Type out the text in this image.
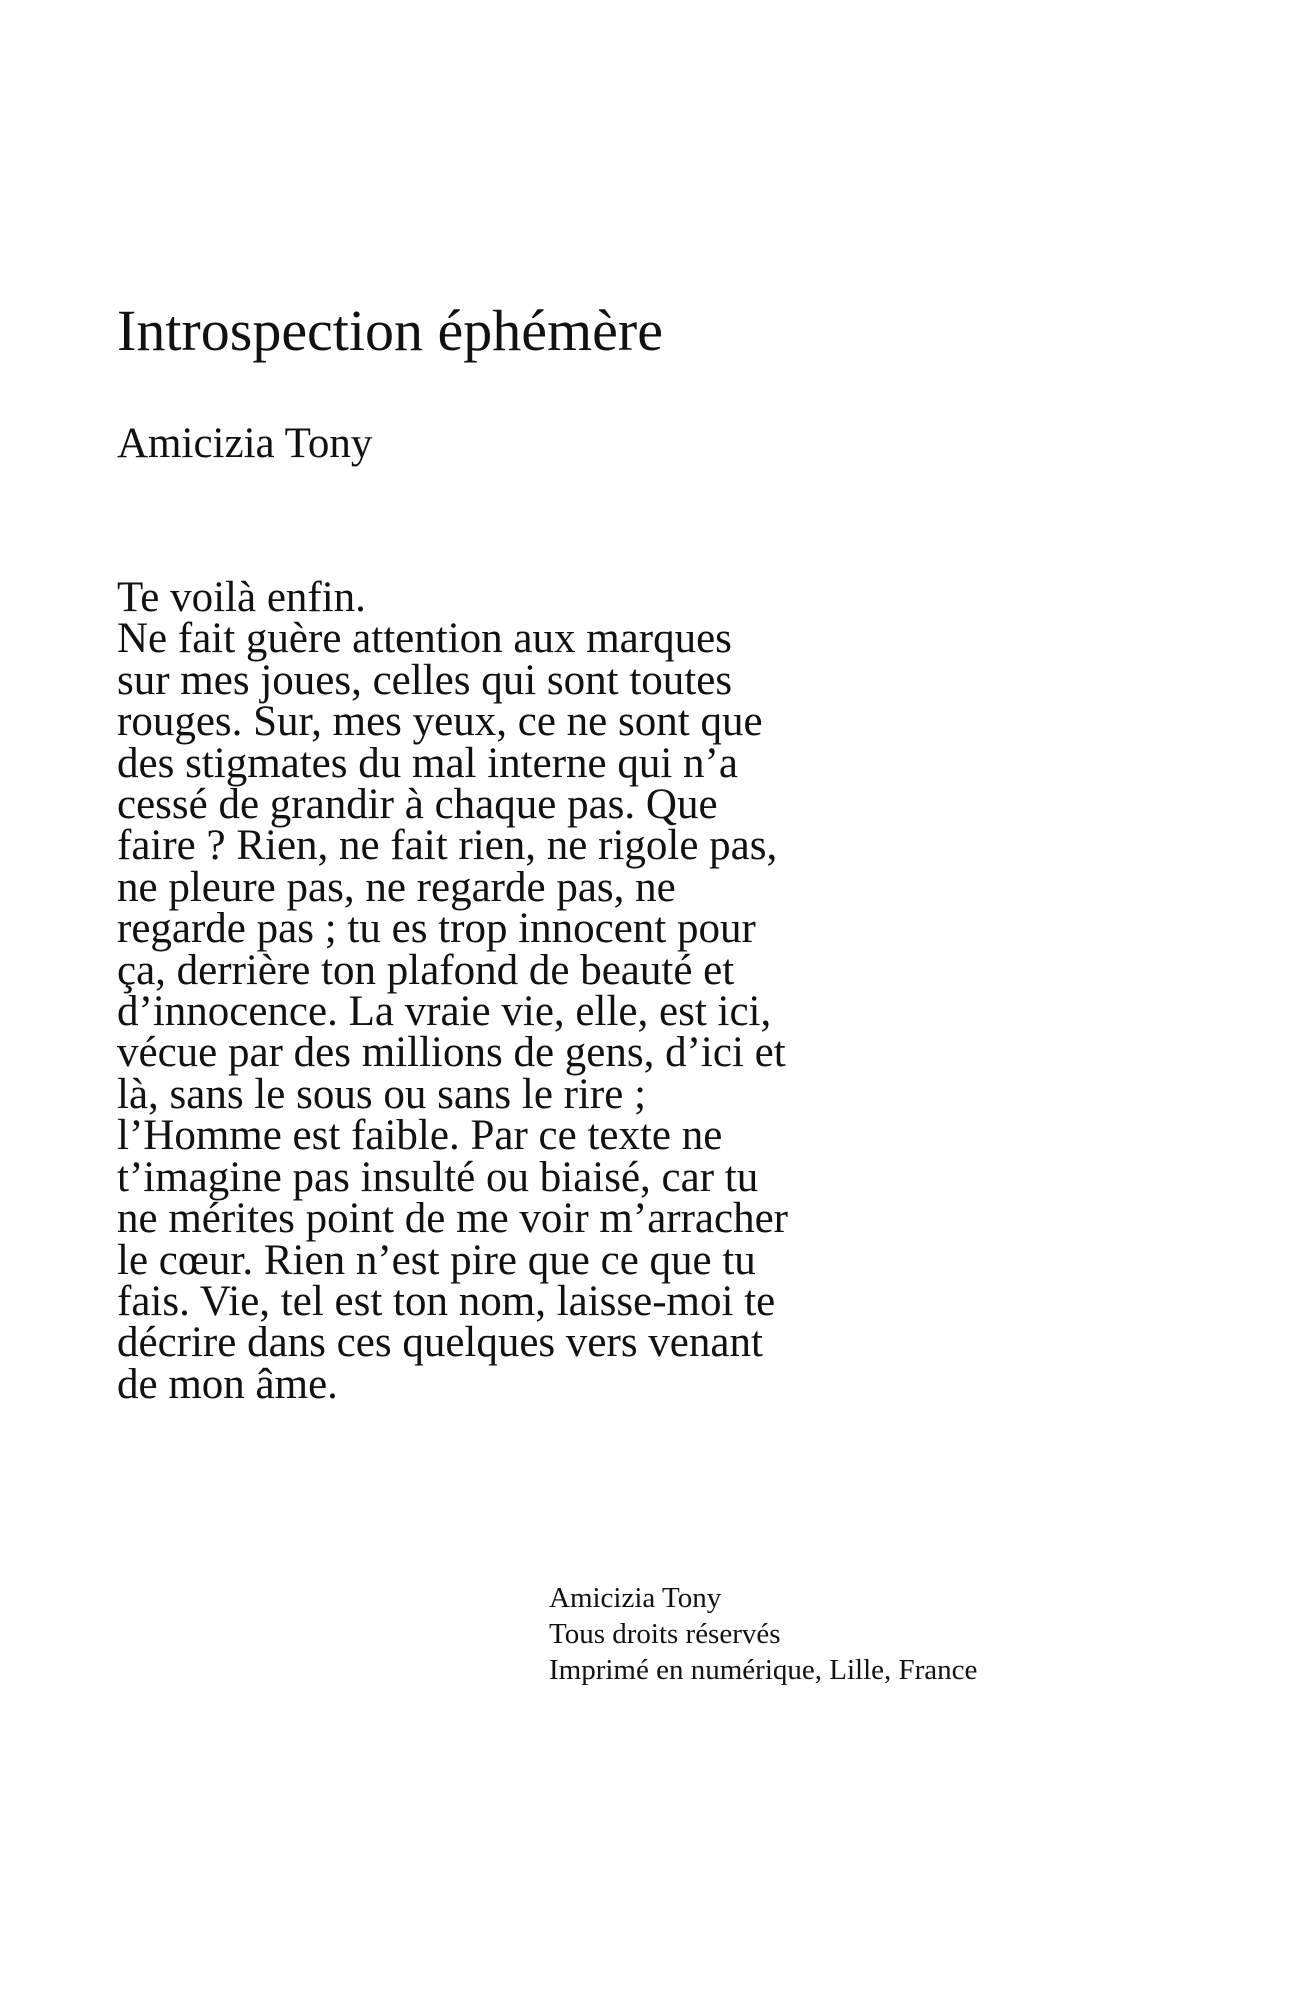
Introspection éphémère

Amicizia Tony

Te voilà enfin.
Ne fait guère attention aux marques
sur mes joues, celles qui sont toutes
rouges. Sur, mes yeux, ce ne sont que
des stigmates du mal interne qui n’a
cessé de grandir à chaque pas. Que
faire ? Rien, ne fait rien, ne rigole pas,
ne pleure pas, ne regarde pas, ne
regarde pas ; tu es trop innocent pour
ça, derrière ton plafond de beauté et
d’innocence. La vraie vie, elle, est ici,
vécue par des millions de gens, d’ici et
là, sans le sous ou sans le rire ;
l’Homme est faible. Par ce texte ne
t’imagine pas insulté ou biaisé, car tu
ne mérites point de me voir m’arracher
le cœur. Rien n’est pire que ce que tu
fais. Vie, tel est ton nom, laisse-moi te
décrire dans ces quelques vers venant
de mon âme.
Amicizia Tony
Tous droits réservés
Imprimé en numérique, Lille, France
